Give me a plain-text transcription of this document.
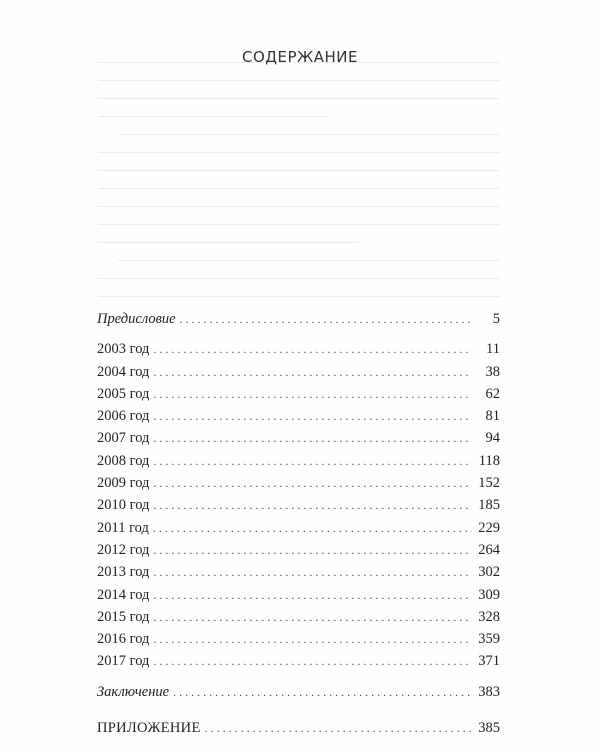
СОДЕРЖАНИЕ
Предисловие . . .	5
2003 год . . .	11
2004 год . . .	38
2005 год . . .	62
2006 год . . .	81
2007 год . . .	94
2008 год . . .	118
2009 год . . .	152
2010 год . . .	185
2011 год . . .	229
2012 год . . .	264
2013 год . . .	302
2014 год . . .	309
2015 год . . .	328
2016 год . . .	359
2017 год . . .	371
Заключение . . .	383
ПРИЛОЖЕНИЕ . . .	385
